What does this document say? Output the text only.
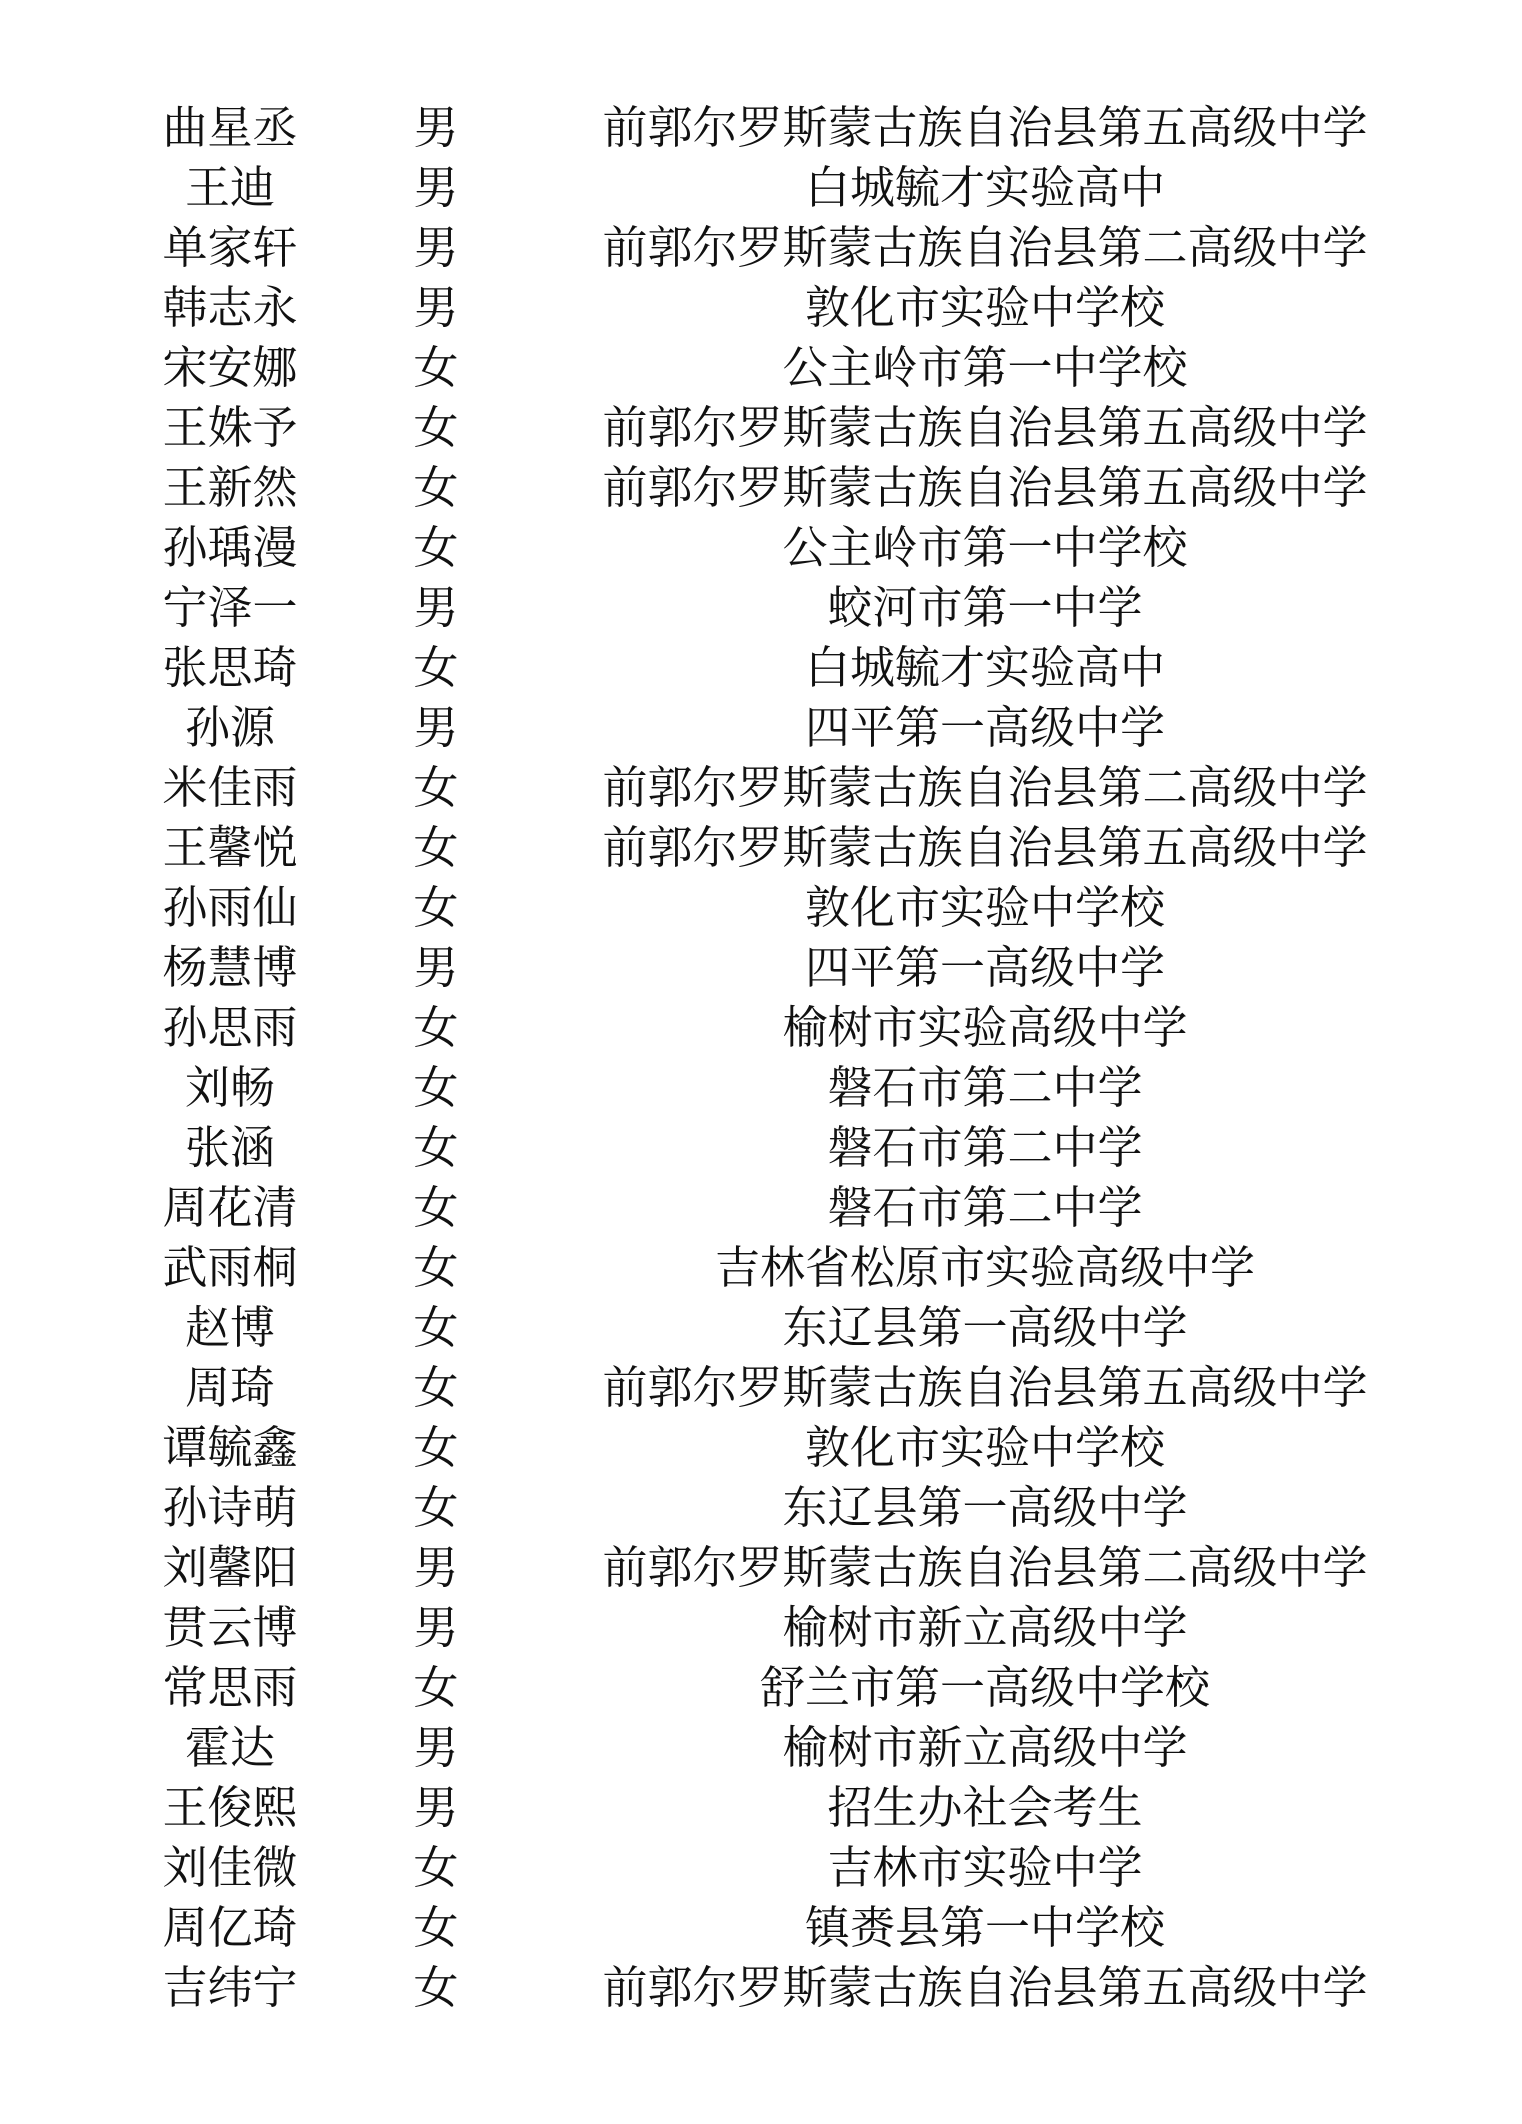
曲星丞	男	前郭尔罗斯蒙古族自治县第五高级中学
王迪	男	白城毓才实验高中
单家轩	男	前郭尔罗斯蒙古族自治县第二高级中学
韩志永	男	敦化市实验中学校
宋安娜	女	公主岭市第一中学校
王姝予	女	前郭尔罗斯蒙古族自治县第五高级中学
王新然	女	前郭尔罗斯蒙古族自治县第五高级中学
孙瑀漫	女	公主岭市第一中学校
宁泽一	男	蛟河市第一中学
张思琦	女	白城毓才实验高中
孙源	男	四平第一高级中学
米佳雨	女	前郭尔罗斯蒙古族自治县第二高级中学
王馨悦	女	前郭尔罗斯蒙古族自治县第五高级中学
孙雨仙	女	敦化市实验中学校
杨慧博	男	四平第一高级中学
孙思雨	女	榆树市实验高级中学
刘畅	女	磐石市第二中学
张涵	女	磐石市第二中学
周花清	女	磐石市第二中学
武雨桐	女	吉林省松原市实验高级中学
赵博	女	东辽县第一高级中学
周琦	女	前郭尔罗斯蒙古族自治县第五高级中学
谭毓鑫	女	敦化市实验中学校
孙诗萌	女	东辽县第一高级中学
刘馨阳	男	前郭尔罗斯蒙古族自治县第二高级中学
贯云博	男	榆树市新立高级中学
常思雨	女	舒兰市第一高级中学校
霍达	男	榆树市新立高级中学
王俊熙	男	招生办社会考生
刘佳微	女	吉林市实验中学
周亿琦	女	镇赉县第一中学校
吉纬宁	女	前郭尔罗斯蒙古族自治县第五高级中学
